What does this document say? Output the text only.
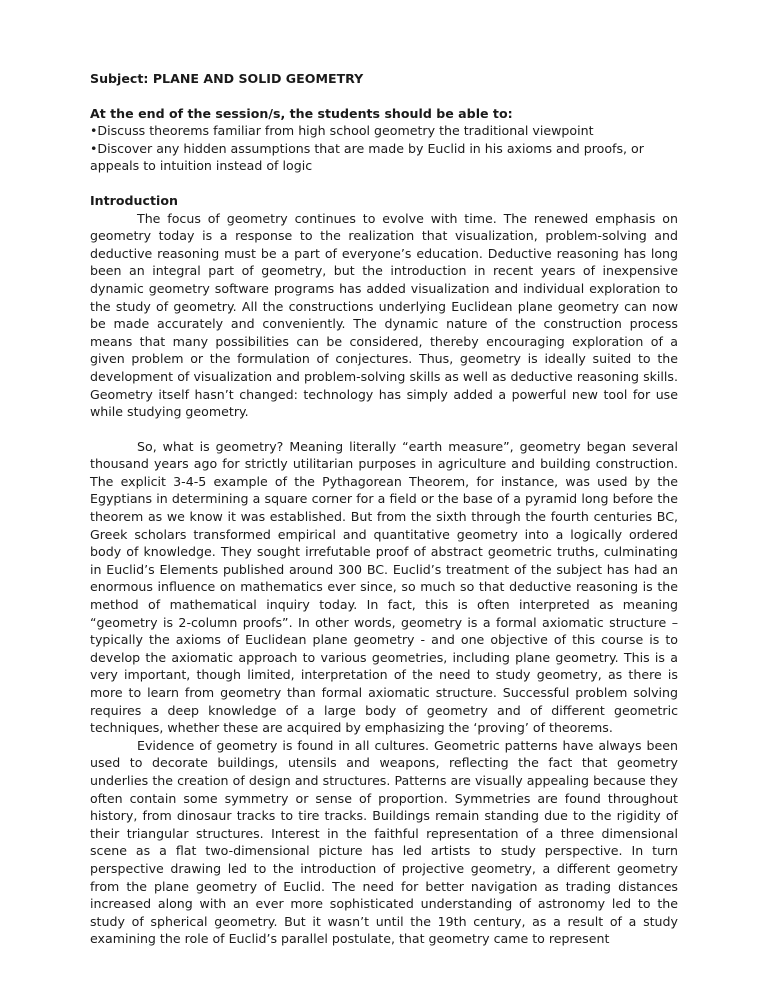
Subject: PLANE AND SOLID GEOMETRY

At the end of the session/s, the students should be able to:

•Discuss theorems familiar from high school geometry the traditional viewpoint

•Discover any hidden assumptions that are made by Euclid in his axioms and proofs, or appeals to intuition instead of logic

Introduction

The focus of geometry continues to evolve with time. The renewed emphasis on geometry today is a response to the realization that visualization, problem-solving and deductive reasoning must be a part of everyone’s education. Deductive reasoning has long been an integral part of geometry, but the introduction in recent years of inexpensive dynamic geometry software programs has added visualization and individual exploration to the study of geometry. All the constructions underlying Euclidean plane geometry can now be made accurately and conveniently. The dynamic nature of the construction process means that many possibilities can be considered, thereby encouraging exploration of a given problem or the formulation of conjectures. Thus, geometry is ideally suited to the development of visualization and problem-solving skills as well as deductive reasoning skills. Geometry itself hasn’t changed: technology has simply added a powerful new tool for use while studying geometry.

So, what is geometry? Meaning literally “earth measure”, geometry began several thousand years ago for strictly utilitarian purposes in agriculture and building construction. The explicit 3-4-5 example of the Pythagorean Theorem, for instance, was used by the Egyptians in determining a square corner for a field or the base of a pyramid long before the theorem as we know it was established. But from the sixth through the fourth centuries BC, Greek scholars transformed empirical and quantitative geometry into a logically ordered body of knowledge. They sought irrefutable proof of abstract geometric truths, culminating in Euclid’s Elements published around 300 BC. Euclid’s treatment of the subject has had an enormous influence on mathematics ever since, so much so that deductive reasoning is the method of mathematical inquiry today. In fact, this is often interpreted as meaning “geometry is 2-column proofs”. In other words, geometry is a formal axiomatic structure – typically the axioms of Euclidean plane geometry - and one objective of this course is to develop the axiomatic approach to various geometries, including plane geometry. This is a very important, though limited, interpretation of the need to study geometry, as there is more to learn from geometry than formal axiomatic structure. Successful problem solving requires a deep knowledge of a large body of geometry and of different geometric techniques, whether these are acquired by emphasizing the ‘proving’ of theorems.

Evidence of geometry is found in all cultures. Geometric patterns have always been used to decorate buildings, utensils and weapons, reflecting the fact that geometry underlies the creation of design and structures. Patterns are visually appealing because they often contain some symmetry or sense of proportion. Symmetries are found throughout history, from dinosaur tracks to tire tracks. Buildings remain standing due to the rigidity of their triangular structures. Interest in the faithful representation of a three dimensional scene as a flat two-dimensional picture has led artists to study perspective. In turn perspective drawing led to the introduction of projective geometry, a different geometry from the plane geometry of Euclid. The need for better navigation as trading distances increased along with an ever more sophisticated understanding of astronomy led to the study of spherical geometry. But it wasn’t until the 19th century, as a result of a study examining the role of Euclid’s parallel postulate, that geometry came to represent
